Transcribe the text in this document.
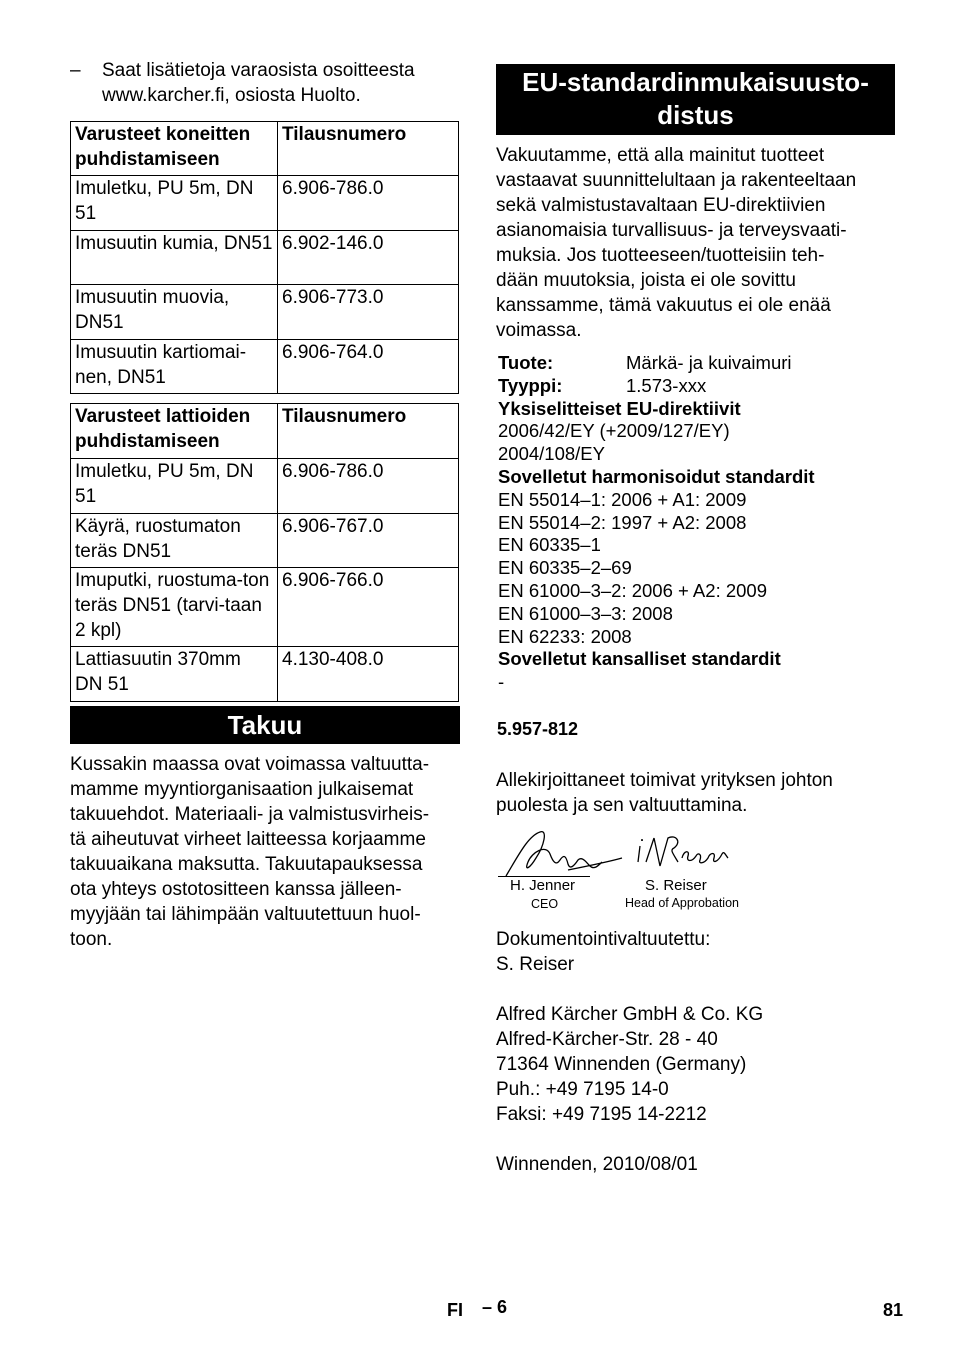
– Saat lisätietoja varaosista osoitteesta www.karcher.fi, osiosta Huolto.
Varusteet koneitten puhdistamiseen	Tilausnumero
Imuletku, PU 5m, DN 51	6.906-786.0
Imusuutin kumia, DN51	6.902-146.0
Imusuutin muovia, DN51	6.906-773.0
Imusuutin kartiomai-nen, DN51	6.906-764.0
Varusteet lattioiden puhdistamiseen	Tilausnumero
Imuletku, PU 5m, DN 51	6.906-786.0
Käyrä, ruostumaton teräs DN51	6.906-767.0
Imuputki, ruostuma-ton teräs DN51 (tarvi-taan 2 kpl)	6.906-766.0
Lattiasuutin 370mm DN 51	4.130-408.0
Takuu
Kussakin maassa ovat voimassa valtuutta-
mamme myyntiorganisaation julkaisemat
takuuehdot. Materiaali- ja valmistusvirheis-
tä aiheutuvat virheet laitteessa korjaamme
takuuaikana maksutta. Takuutapauksessa
ota yhteys ostotositteen kanssa jälleen-
myyjään tai lähimpään valtuutettuun huol-
toon.
EU-standardinmukaisuusto-
distus
Vakuutamme, että alla mainitut tuotteet
vastaavat suunnittelultaan ja rakenteeltaan
sekä valmistustavaltaan EU-direktiivien
asianomaisia turvallisuus- ja terveysvaati-
muksia. Jos tuotteeseen/tuotteisiin teh-
dään muutoksia, joista ei ole sovittu
kanssamme, tämä vakuutus ei ole enää
voimassa.
Tuote:	Märkä- ja kuivaimuri
Tyyppi:	1.573-xxx
Yksiselitteiset EU-direktiivit
2006/42/EY (+2009/127/EY)
2004/108/EY
Sovelletut harmonisoidut standardit
EN 55014–1: 2006 + A1: 2009
EN 55014–2: 1997 + A2: 2008
EN 60335–1
EN 60335–2–69
EN 61000–3–2: 2006 + A2: 2009
EN 61000–3–3: 2008
EN 62233: 2008
Sovelletut kansalliset standardit
-
5.957-812
Allekirjoittaneet toimivat yrityksen johton
puolesta ja sen valtuuttamina.
H. Jenner
CEO
S. Reiser
Head of Approbation
Dokumentointivaltuutettu:
S. Reiser
Alfred Kärcher GmbH & Co. KG
Alfred-Kärcher-Str. 28 - 40
71364 Winnenden (Germany)
Puh.: +49 7195 14-0
Faksi: +49 7195 14-2212
Winnenden, 2010/08/01
FI – 6	81
